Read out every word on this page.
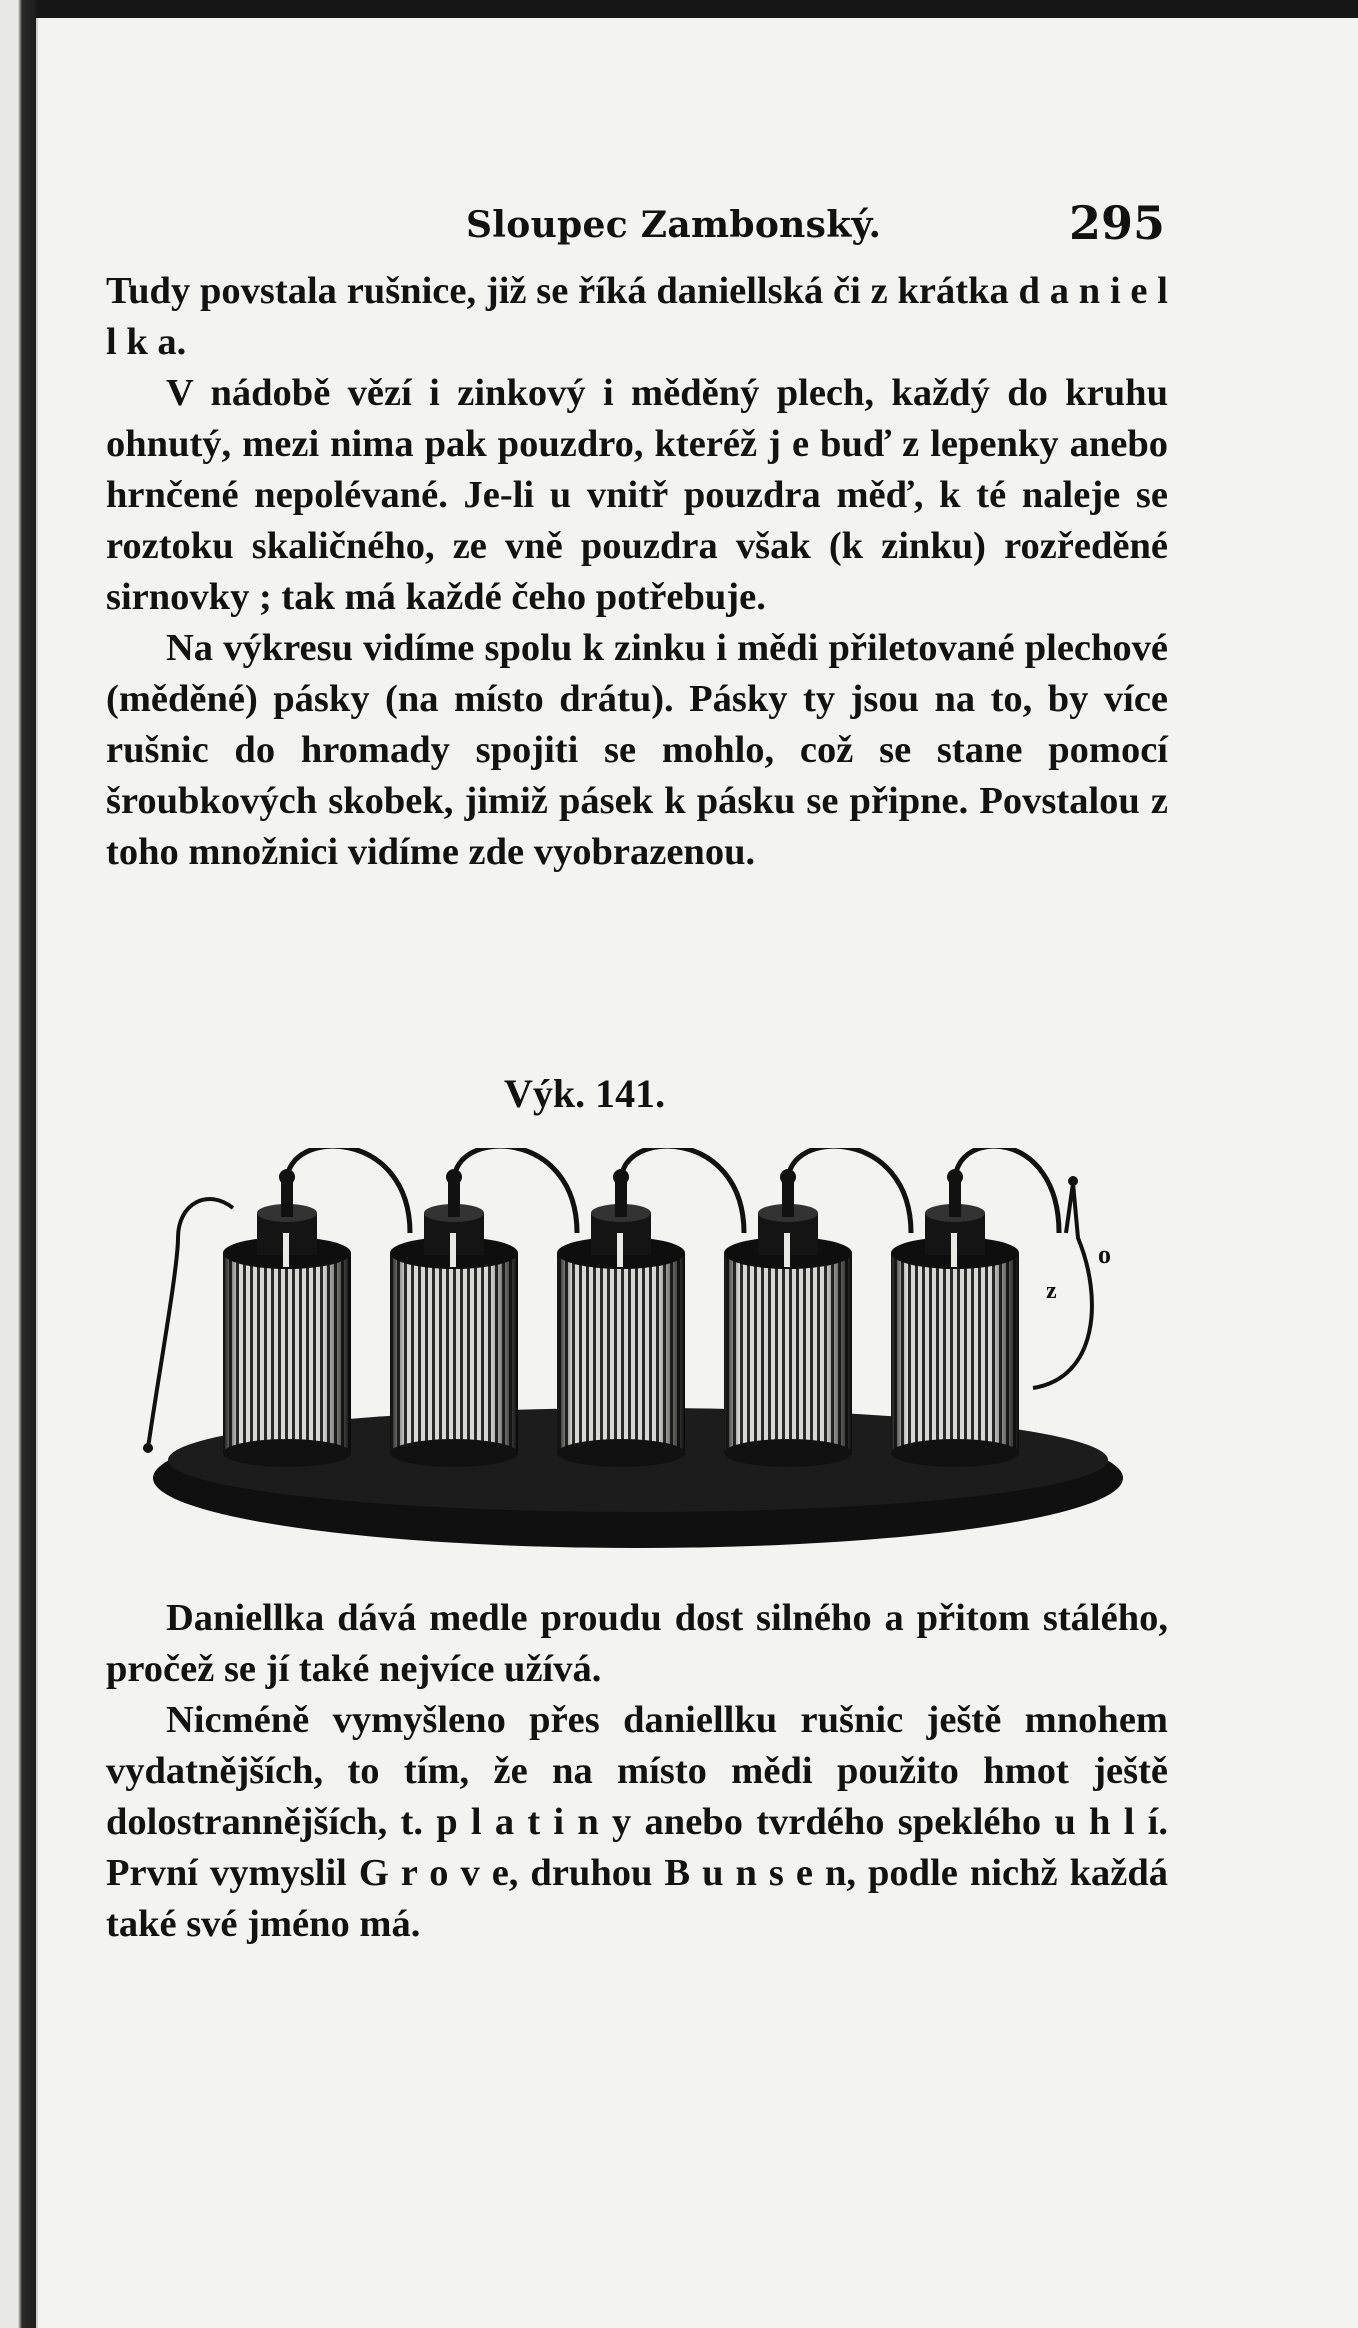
Sloupec Zambonský.	295

Tudy povstala rušnice, již se říká daniellská či z krátka d a n i e l l k a.

V nádobě vězí i zinkový i měděný plech, každý do kruhu ohnutý, mezi nima pak pouzdro, kteréž j e buď z lepenky anebo hrnčené nepolévané. Je-li u vnitř pouzdra měď, k té naleje se roztoku skaličného, ze vně pouzdra však (k zinku) rozředěné sirnovky ; tak má každé čeho potřebuje.

Na výkresu vidíme spolu k zinku i mědi přiletované plechové (měděné) pásky (na místo drátu). Pásky ty jsou na to, by více rušnic do hromady spojiti se mohlo, což se stane pomocí šroubkových skobek, jimiž pásek k pásku se připne. Povstalou z toho množnici vidíme zde vyobrazenou.

Výk. 141.
o
z

Daniellka dává medle proudu dost silného a přitom stálého, pročež se jí také nejvíce užívá.

Nicméně vymyšleno přes daniellku rušnic ještě mnohem vydatnějších, to tím, že na místo mědi použito hmot ještě dolostrannějších, t. p l a t i n y anebo tvrdého speklého u h l í. První vymyslil G r o v e, druhou B u n s e n, podle nichž každá také své jméno má.
